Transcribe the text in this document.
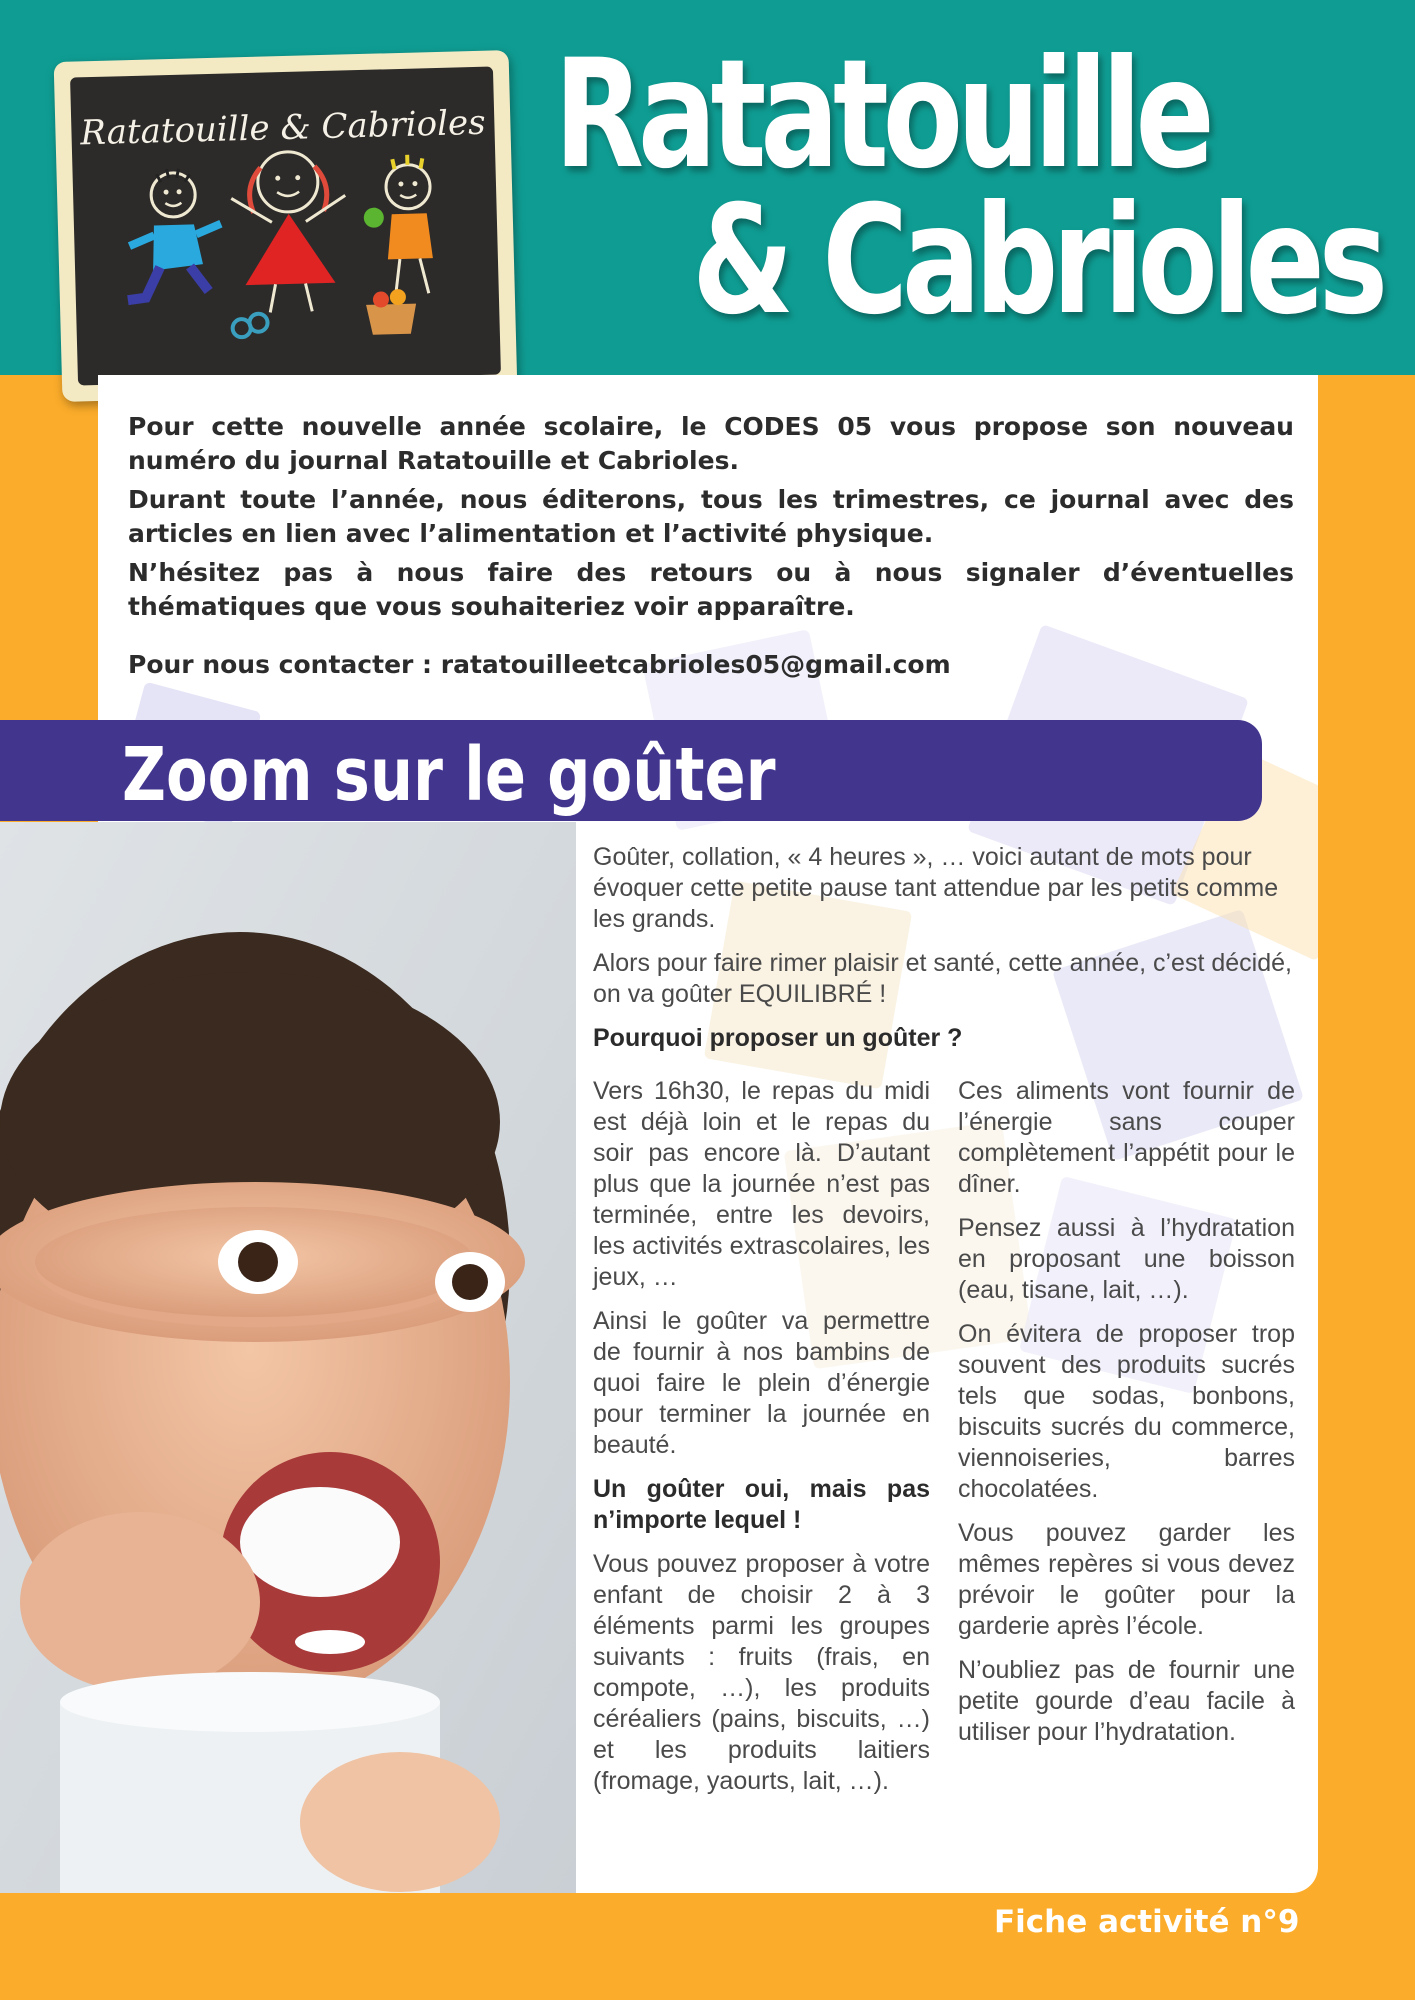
Ratatouille & Cabrioles Ratatouille
& Cabrioles

Pour cette nouvelle année scolaire, le CODES 05 vous propose son nouveau numéro du journal Ratatouille et Cabrioles.

Durant toute l’année, nous éditerons, tous les trimestres, ce journal avec des articles en lien avec l’alimentation et l’activité physique.

N’hésitez pas à nous faire des retours ou à nous signaler d’éventuelles thématiques que vous souhaiteriez voir apparaître.

Pour nous contacter : ratatouilleetcabrioles05@gmail.com
Zoom sur le goûter

Goûter, collation, « 4 heures », … voici autant de mots pour évoquer cette petite pause tant attendue par les petits comme les grands.

Alors pour faire rimer plaisir et santé, cette année, c’est décidé, on va goûter EQUILIBRÉ !

Pourquoi proposer un goûter ?

Vers 16h30, le repas du midi est déjà loin et le repas du soir pas encore là. D’autant plus que la journée n’est pas terminée, entre les devoirs, les activités extrascolaires, les jeux, …

Ainsi le goûter va permettre de fournir à nos bambins de quoi faire le plein d’énergie pour terminer la journée en beauté.

Un goûter oui, mais pas n’importe lequel !

Vous pouvez proposer à votre enfant de choisir 2 à 3 éléments parmi les groupes suivants : fruits (frais, en compote, …), les produits céréaliers (pains, biscuits, …) et les produits laitiers (fromage, yaourts, lait, …).

Ces aliments vont fournir de l’énergie sans couper complètement l’appétit pour le dîner.

Pensez aussi à l’hydratation en proposant une boisson (eau, tisane, lait, …).

On évitera de proposer trop souvent des produits sucrés tels que sodas, bonbons, biscuits sucrés du commerce, viennoiseries, barres chocolatées.

Vous pouvez garder les mêmes repères si vous devez prévoir le goûter pour la garderie après l’école.

N’oubliez pas de fournir une petite gourde d’eau facile à utiliser pour l’hydratation.

Fiche activité n°9
